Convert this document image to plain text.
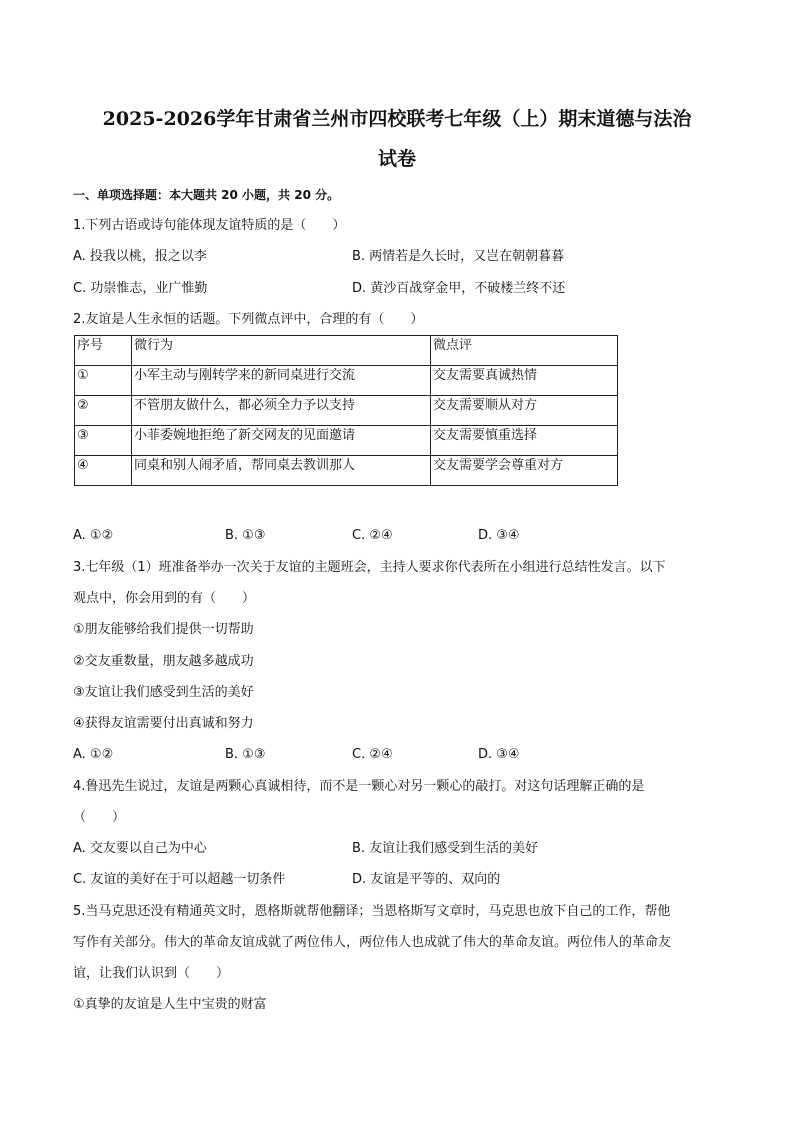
2025-2026学年甘肃省兰州市四校联考七年级（上）期末道德与法治
试卷
一、单项选择题：本大题共 20 小题，共 20 分。
1.下列古语或诗句能体现友谊特质的是（　　）
A. 投我以桃，报之以李	B. 两情若是久长时，又岂在朝朝暮暮
C. 功崇惟志，业广惟勤	D. 黄沙百战穿金甲，不破楼兰终不还
2.友谊是人生永恒的话题。下列微点评中，合理的有（　　）
序号	微行为	微点评
①	小军主动与刚转学来的新同桌进行交流	交友需要真诚热情
②	不管朋友做什么，都必须全力予以支持	交友需要顺从对方
③	小菲委婉地拒绝了新交网友的见面邀请	交友需要慎重选择
④	同桌和别人闹矛盾，帮同桌去教训那人	交友需要学会尊重对方
A. ①②	B. ①③	C. ②④	D. ③④
3.七年级（1）班准备举办一次关于友谊的主题班会，主持人要求你代表所在小组进行总结性发言。以下
观点中，你会用到的有（　　）
①朋友能够给我们提供一切帮助
②交友重数量，朋友越多越成功
③友谊让我们感受到生活的美好
④获得友谊需要付出真诚和努力
A. ①②	B. ①③	C. ②④	D. ③④
4.鲁迅先生说过，友谊是两颗心真诚相待，而不是一颗心对另一颗心的敲打。对这句话理解正确的是
（　　）
A. 交友要以自己为中心	B. 友谊让我们感受到生活的美好
C. 友谊的美好在于可以超越一切条件	D. 友谊是平等的、双向的
5.当马克思还没有精通英文时，恩格斯就帮他翻译；当恩格斯写文章时，马克思也放下自己的工作，帮他
写作有关部分。伟大的革命友谊成就了两位伟人，两位伟人也成就了伟大的革命友谊。两位伟人的革命友
谊，让我们认识到（　　）
①真挚的友谊是人生中宝贵的财富
